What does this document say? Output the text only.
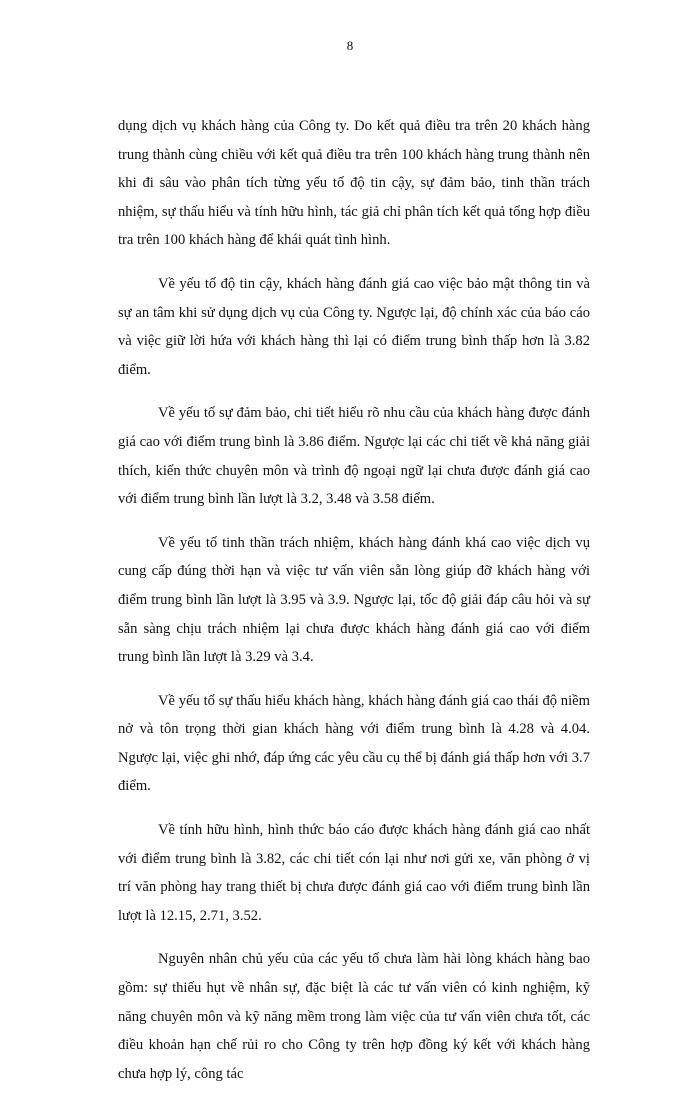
8

dụng dịch vụ khách hàng của Công ty. Do kết quả điều tra trên 20 khách hàng trung thành cùng chiều với kết quả điều tra trên 100 khách hàng trung thành nên khi đi sâu vào phân tích từng yếu tố độ tin cậy, sự đảm bảo, tinh thần trách nhiệm, sự thấu hiểu và tính hữu hình, tác giả chỉ phân tích kết quả tổng hợp điều tra trên 100 khách hàng để khái quát tình hình.

Về yếu tố độ tin cậy, khách hàng đánh giá cao việc bảo mật thông tin và sự an tâm khi sử dụng dịch vụ của Công ty. Ngược lại, độ chính xác của báo cáo và việc giữ lời hứa với khách hàng thì lại có điểm trung bình thấp hơn là 3.82 điểm.

Về yếu tố sự đảm bảo, chi tiết hiểu rõ nhu cầu của khách hàng được đánh giá cao với điểm trung bình là 3.86 điểm. Ngược lại các chi tiết về khả năng giải thích, kiến thức chuyên môn và trình độ ngoại ngữ lại chưa được đánh giá cao với điểm trung bình lần lượt là 3.2, 3.48 và 3.58 điểm.

Về yếu tố tinh thần trách nhiệm, khách hàng đánh khá cao việc dịch vụ cung cấp đúng thời hạn và việc tư vấn viên sẵn lòng giúp đỡ khách hàng với điểm trung bình lần lượt là 3.95 và 3.9. Ngược lại, tốc độ giải đáp câu hỏi và sự sẵn sàng chịu trách nhiệm lại chưa được khách hàng đánh giá cao với điểm trung bình lần lượt là 3.29 và 3.4.

Về yếu tố sự thấu hiểu khách hàng, khách hàng đánh giá cao thái độ niềm nở và tôn trọng thời gian khách hàng với điểm trung bình là 4.28 và 4.04. Ngược lại, việc ghi nhớ, đáp ứng các yêu cầu cụ thể bị đánh giá thấp hơn với 3.7 điểm.

Về tính hữu hình, hình thức báo cáo được khách hàng đánh giá cao nhất với điểm trung bình là 3.82, các chi tiết cón lại như nơi gửi xe, văn phòng ở vị trí văn phòng hay trang thiết bị chưa được đánh giá cao với điểm trung bình lần lượt là 12.15, 2.71, 3.52.

Nguyên nhân chủ yếu của các yếu tố chưa làm hài lòng khách hàng bao gồm: sự thiếu hụt về nhân sự, đặc biệt là các tư vấn viên có kinh nghiệm, kỹ năng chuyên môn và kỹ năng mềm trong làm việc của tư vấn viên chưa tốt, các điều khoản hạn chế rủi ro cho Công ty trên hợp đồng ký kết với khách hàng chưa hợp lý, công tác
